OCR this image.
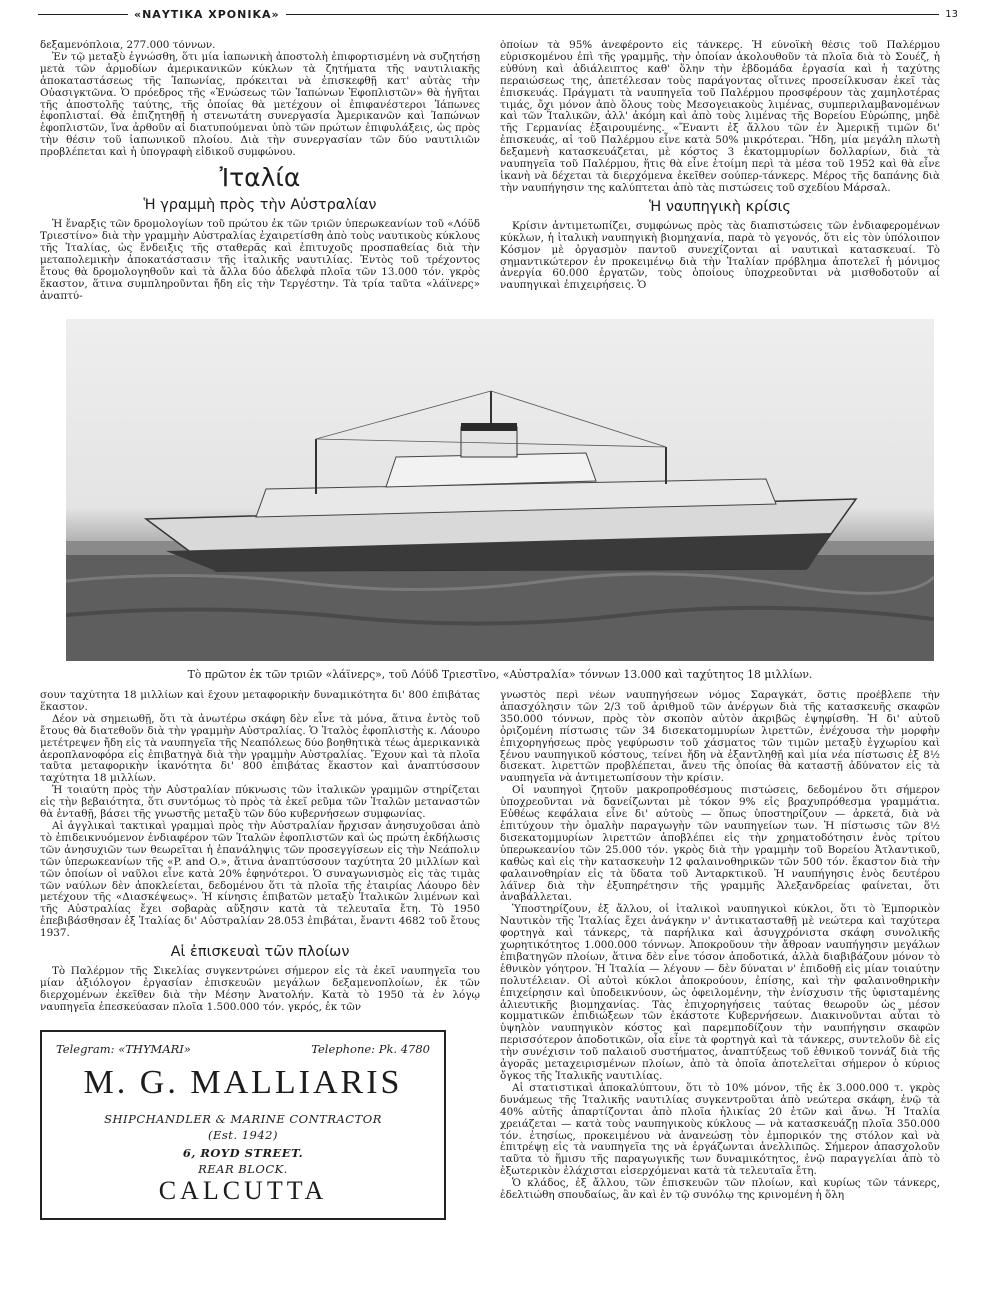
«ΝΑΥΤΙΚΑ ΧΡΟΝΙΚΑ»	13

δεξαμενόπλοια, 277.000 τόννων.

Ἐν τῷ μεταξὺ ἐγνώσθη, ὅτι μία ἰαπωνικὴ ἀποστολὴ ἐπιφορτισμένη νὰ συζητήσῃ μετὰ τῶν ἁρμοδίων ἀμερικανικῶν κύκλων τὰ ζητήματα τῆς ναυτιλιακῆς ἀποκαταστάσεως τῆς Ἰαπωνίας, πρόκειται νὰ ἐπισκεφθῇ κατ' αὐτὰς τὴν Οὐασιγκτῶνα. Ὁ πρόεδρος τῆς «Ἑνώσεως τῶν Ἰαπώνων Ἐφοπλιστῶν» θὰ ἡγῆται τῆς ἀποστολῆς ταύτης, τῆς ὁποίας θὰ μετέχουν οἱ ἐπιφανέστεροι Ἰάπωνες ἐφοπλισταί. Θὰ ἐπιζητηθῇ ἡ στενωτάτη συνεργασία Ἀμερικανῶν καὶ Ἰαπώνων ἐφοπλιστῶν, ἵνα ἀρθοῦν αἱ διατυπούμεναι ὑπὸ τῶν πρώτων ἐπιφυλάξεις, ὡς πρὸς τὴν θέσιν τοῦ ἰαπωνικοῦ πλοίου. Διὰ τὴν συνεργασίαν τῶν δύο ναυτιλιῶν προβλέπεται καὶ ἡ ὑπογραφὴ εἰδικοῦ συμφώνου.

Ἰταλία
Ἡ γραμμὴ πρὸς τὴν Αὐστραλίαν

Ἡ ἔναρξις τῶν δρομολογίων τοῦ πρώτου ἐκ τῶν τριῶν ὑπερωκεανίων τοῦ «Λόϋδ Τριεστίνο» διὰ τὴν γραμμὴν Αὐστραλίας ἐχαιρετίσθη ἀπὸ τοὺς ναυτικοὺς κύκλους τῆς Ἰταλίας, ὡς ἔνδειξις τῆς σταθερᾶς καὶ ἐπιτυχοῦς προσπαθείας διὰ τὴν μεταπολεμικὴν ἀποκατάστασιν τῆς ἰταλικῆς ναυτιλίας. Ἐντὸς τοῦ τρέχοντος ἔτους θὰ δρομολογηθοῦν καὶ τὰ ἄλλα δύο ἀδελφὰ πλοῖα τῶν 13.000 τόν. γκρὸς ἕκαστον, ἅτινα συμπληροῦνται ἤδη εἰς τὴν Τεργέστην. Τὰ τρία ταῦτα «λάϊνερς» ἀναπτύ-

ὁποίων τὰ 95% ἀνεφέροντο εἰς τάνκερς. Ἡ εὐνοϊκὴ θέσις τοῦ Παλέρμου εὑρισκομένου ἐπὶ τῆς γραμμῆς, τὴν ὁποίαν ἀκολουθοῦν τὰ πλοῖα διὰ τὸ Σουέζ, ἡ εὐθύνη καὶ ἀδιάλειπτος καθ' ὅλην τὴν ἑβδομάδα ἐργασία καὶ ἡ ταχύτης περαιώσεως της, ἀπετέλεσαν τοὺς παράγοντας οἵτινες προσείλκυσαν ἐκεῖ τὰς ἐπισκευάς. Πράγματι τὰ ναυπηγεῖα τοῦ Παλέρμου προσφέρουν τὰς χαμηλοτέρας τιμάς, ὄχι μόνον ἀπὸ ὅλους τοὺς Μεσογειακοὺς λιμένας, συμπεριλαμβανομένων καὶ τῶν Ἰταλικῶν, ἀλλ' ἀκόμη καὶ ἀπὸ τοὺς λιμένας τῆς Βορείου Εὐρώπης, μηδὲ τῆς Γερμανίας ἐξαιρουμένης. «Ἔναντι ἐξ ἄλλου τῶν ἐν Ἀμερικῇ τιμῶν δι' ἐπισκευάς, αἱ τοῦ Παλέρμου εἶνε κατὰ 50% μικρότεραι. Ἤδη, μία μεγάλη πλωτὴ δεξαμενὴ κατασκευάζεται, μὲ κόστος 3 ἑκατομμυρίων δολλαρίων, διὰ τὰ ναυπηγεῖα τοῦ Παλέρμου, ἥτις θὰ εἶνε ἑτοίμη περὶ τὰ μέσα τοῦ 1952 καὶ θὰ εἶνε ἱκανὴ νὰ δέχεται τὰ διερχόμενα ἐκεῖθεν σούπερ-τάνκερς. Μέρος τῆς δαπάνης διὰ τὴν ναυπήγησιν της καλύπτεται ἀπὸ τὰς πιστώσεις τοῦ σχεδίου Μάρσαλ.

Ἡ ναυπηγικὴ κρίσις

Κρίσιν ἀντιμετωπίζει, συμφώνως πρὸς τὰς διαπιστώσεις τῶν ἐνδιαφερομένων κύκλων, ἡ ἰταλικὴ ναυπηγικὴ βιομηχανία, παρὰ τὸ γεγονός, ὅτι εἰς τὸν ὑπόλοιπον Κόσμον μὲ ὀργασμὸν παντοῦ συνεχίζονται αἱ ναυτικαὶ κατασκευαί. Τὸ σημαντικώτερον ἐν προκειμένῳ διὰ τὴν Ἰταλίαν πρόβλημα ἀποτελεῖ ἡ μόνιμος ἀνεργία 60.000 ἐργατῶν, τοὺς ὁποίους ὑποχρεοῦνται νὰ μισθοδοτοῦν αἱ ναυπηγικαὶ ἐπιχειρήσεις. Ὁ

Τὸ πρῶτον ἐκ τῶν τριῶν «λάϊνερς», τοῦ Λόϋδ Τριεστῖνο, «Αὐστραλία» τόννων 13.000 καὶ ταχύτητος 18 μιλλίων.

σουν ταχύτητα 18 μιλλίων καὶ ἔχουν μεταφορικὴν δυναμικότητα δι' 800 ἐπιβάτας ἕκαστον.

Δέον νὰ σημειωθῇ, ὅτι τὰ ἀνωτέρω σκάφη δὲν εἶνε τὰ μόνα, ἅτινα ἐντὸς τοῦ ἔτους θὰ διατεθοῦν διὰ τὴν γραμμὴν Αὐστραλίας. Ὁ Ἰταλὸς ἐφοπλιστὴς κ. Λάουρο μετέτρεψεν ἤδη εἰς τὰ ναυπηγεῖα τῆς Νεαπόλεως δύο βοηθητικὰ τέως ἀμερικανικὰ ἀεροπλανοφόρα εἰς ἐπιβατηγὰ διὰ τὴν γραμμὴν Αὐστραλίας. Ἔχουν καὶ τὰ πλοῖα ταῦτα μεταφορικὴν ἱκανότητα δι' 800 ἐπιβάτας ἕκαστον καὶ ἀναπτύσσουν ταχύτητα 18 μιλλίων.

Ἡ τοιαύτη πρὸς τὴν Αὐστραλίαν πύκνωσις τῶν ἰταλικῶν γραμμῶν στηρίζεται εἰς τὴν βεβαιότητα, ὅτι συντόμως τὸ πρὸς τὰ ἐκεῖ ρεῦμα τῶν Ἰταλῶν μεταναστῶν θὰ ἐνταθῇ, βάσει τῆς γνωστῆς μεταξὺ τῶν δύο κυβερνήσεων συμφωνίας.

Αἱ ἀγγλικαὶ τακτικαὶ γραμμαὶ πρὸς τὴν Αὐστραλίαν ἤρχισαν ἀνησυχοῦσαι ἀπὸ τὸ ἐπιδεικνυόμενον ἐνδιαφέρον τῶν Ἰταλῶν ἐφοπλιστῶν καὶ ὡς πρώτη ἐκδήλωσις τῶν ἀνησυχιῶν των θεωρεῖται ἡ ἐπανάληψις τῶν προσεγγίσεων εἰς τὴν Νεάπολιν τῶν ὑπερωκεανίων τῆς «P. and O.», ἅτινα ἀναπτύσσουν ταχύτητα 20 μιλλίων καὶ τῶν ὁποίων οἱ ναῦλοι εἶνε κατὰ 20% ἐφηνότεροι. Ὁ συναγωνισμὸς εἰς τὰς τιμὰς τῶν ναύλων δὲν ἀποκλείεται, δεδομένου ὅτι τὰ πλοῖα τῆς ἑταιρίας Λάουρο δὲν μετέχουν τῆς «Διασκέψεως». Ἡ κίνησις ἐπιβατῶν μεταξὺ Ἰταλικῶν λιμένων καὶ τῆς Αὐστραλίας ἔχει σοβαρὰς αὔξησιν κατὰ τὰ τελευταῖα ἔτη. Τὸ 1950 ἐπεβιβάσθησαν ἐξ Ἰταλίας δι' Αὐστραλίαν 28.053 ἐπιβάται, ἔναντι 4682 τοῦ ἔτους 1937.

Αἱ ἐπισκευαὶ τῶν πλοίων

Τὸ Παλέρμον τῆς Σικελίας συγκεντρώνει σήμερον εἰς τὰ ἐκεῖ ναυπηγεῖα του μίαν ἀξιόλογον ἐργασίαν ἐπισκευῶν μεγάλων δεξαμενοπλοίων, ἐκ τῶν διερχομένων ἐκεῖθεν διὰ τὴν Μέσην Ἀνατολήν. Κατὰ τὸ 1950 τὰ ἐν λόγῳ ναυπηγεῖα ἐπεσκεύασαν πλοῖα 1.500.000 τόν. γκρός, ἐκ τῶν

Telegram: «THYMARI»	Telephone: Pk. 4780
M. G. MALLIARIS
SHIPCHANDLER & MARINE CONTRACTOR
(Est. 1942)
6, ROYD STREET.
REAR BLOCK.
CALCUTTA

γνωστὸς περὶ νέων ναυπηγήσεων νόμος Σαραγκάτ, ὅστις προέβλεπε τὴν ἀπασχόλησιν τῶν 2/3 τοῦ ἀριθμοῦ τῶν ἀνέργων διὰ τῆς κατασκευῆς σκαφῶν 350.000 τόννων, πρὸς τὸν σκοπὸν αὐτὸν ἀκριβῶς ἐψηφίσθη. Ἡ δι' αὐτοῦ ὁριζομένη πίστωσις τῶν 34 δισεκατομμυρίων λιρεττῶν, ἐνέχουσα τὴν μορφὴν ἐπιχορηγήσεως πρὸς γεφύρωσιν τοῦ χάσματος τῶν τιμῶν μεταξὺ ἐγχωρίου καὶ ξένου ναυπηγικοῦ κόστους, τείνει ἤδη νὰ ἐξαντληθῇ καὶ μία νέα πίστωσις ἐξ 8½ δισεκατ. λιρεττῶν προβλέπεται, ἄνευ τῆς ὁποίας θὰ καταστῇ ἀδύνατον εἰς τὰ ναυπηγεῖα νὰ ἀντιμετωπίσουν τὴν κρίσιν.

Οἱ ναυπηγοὶ ζητοῦν μακροπροθέσμους πιστώσεις, δεδομένου ὅτι σήμερον ὑποχρεοῦνται νὰ δανείζωνται μὲ τόκον 9% εἰς βραχυπρόθεσμα γραμμάτια. Εὐθέως κεφάλαια εἶνε δι' αὐτοὺς — ὅπως ὑποστηρίζουν — ἀρκετά, διὰ νὰ ἐπιτύχουν τὴν ὁμαλὴν παραγωγὴν τῶν ναυπηγείων των. Ἡ πίστωσις τῶν 8½ δισεκατομμυρίων λιρεττῶν ἀποβλέπει εἰς τὴν χρηματοδότησιν ἑνὸς τρίτου ὑπερωκεανίου τῶν 25.000 τόν. γκρὸς διὰ τὴν γραμμὴν τοῦ Βορείου Ἀτλαντικοῦ, καθὼς καὶ εἰς τὴν κατασκευὴν 12 φαλαινοθηρικῶν τῶν 500 τόν. ἕκαστον διὰ τὴν φαλαινοθηρίαν εἰς τὰ ὕδατα τοῦ Ἀνταρκτικοῦ. Ἡ ναυπήγησις ἑνὸς δευτέρου λάϊνερ διὰ τὴν ἐξυπηρέτησιν τῆς γραμμῆς Ἀλεξανδρείας φαίνεται, ὅτι ἀναβάλλεται.

Ὑποστηρίζουν, ἐξ ἄλλου, οἱ ἰταλικοὶ ναυπηγικοὶ κύκλοι, ὅτι τὸ Ἐμπορικὸν Ναυτικὸν τῆς Ἰταλίας ἔχει ἀνάγκην ν' ἀντικατασταθῇ μὲ νεώτερα καὶ ταχύτερα φορτηγὰ καὶ τάνκερς, τὰ παρήλικα καὶ ἀσυγχρόνιστα σκάφη συνολικῆς χωρητικότητος 1.000.000 τόννων. Ἀποκροῦουν τὴν ἄθροαν ναυπήγησιν μεγάλων ἐπιβατηγῶν πλοίων, ἅτινα δὲν εἶνε τόσον ἀποδοτικά, ἀλλὰ διαβιβάζουν μόνον τὸ ἐθνικὸν γόητρον. Ἡ Ἰταλία — λέγουν — δὲν δύναται ν' ἐπιδοθῇ εἰς μίαν τοιαύτην πολυτέλειαν. Οἱ αὐτοὶ κύκλοι ἀποκρούουν, ἐπίσης, καὶ τὴν φαλαινοθηρικὴν ἐπιχείρησιν καὶ ὑποδεικνύουν, ὡς ὀφειλομένην, τὴν ἐνίσχυσιν τῆς ὑφισταμένης ἁλιευτικῆς βιομηχανίας. Τὰς ἐπιχορηγήσεις ταύτας θεωροῦν ὡς μέσον κομματικῶν ἐπιδιώξεων τῶν ἑκάστοτε Κυβερνήσεων. Διακινοῦνται αὗται τὸ ὑψηλὸν ναυπηγικὸν κόστος καὶ παρεμποδίζουν τὴν ναυπήγησιν σκαφῶν περισσότερον ἀποδοτικῶν, οἷα εἶνε τὰ φορτηγὰ καὶ τὰ τάνκερς, συντελοῦν δὲ εἰς τὴν συνέχισιν τοῦ παλαιοῦ συστήματος, ἀναπτύξεως τοῦ ἐθνικοῦ τοννάζ διὰ τῆς ἀγορᾶς μεταχειρισμένων πλοίων, ἀπὸ τὰ ὁποῖα ἀποτελεῖται σήμερον ὁ κύριος ὄγκος τῆς Ἰταλικῆς ναυτιλίας.

Αἱ στατιστικαὶ ἀποκαλύπτουν, ὅτι τὸ 10% μόνον, τῆς ἐκ 3.000.000 τ. γκρὸς δυνάμεως τῆς Ἰταλικῆς ναυτιλίας συγκεντροῦται ἀπὸ νεώτερα σκάφη, ἐνῷ τὰ 40% αὐτῆς ἀπαρτίζονται ἀπὸ πλοῖα ἡλικίας 20 ἐτῶν καὶ ἄνω. Ἡ Ἰταλία χρειάζεται — κατὰ τοὺς ναυπηγικοὺς κύκλους — νὰ κατασκευάζῃ πλοῖα 350.000 τόν. ἐτησίως, προκειμένου νὰ ἀνανεώσῃ τὸν ἐμπορικόν της στόλον καὶ νὰ ἐπιτρέψῃ εἰς τὰ ναυπηγεῖα της νὰ ἐργάζωνται ἀνελλιπῶς. Σήμερον ἀπασχολοῦν ταῦτα τὸ ἥμισυ τῆς παραγωγικῆς των δυναμικότητος, ἐνῷ παραγγελίαι ἀπὸ τὸ ἐξωτερικὸν ἐλάχισται εἰσερχόμεναι κατὰ τὰ τελευταῖα ἔτη.

Ὁ κλάδος, ἐξ ἄλλου, τῶν ἐπισκευῶν τῶν πλοίων, καὶ κυρίως τῶν τάνκερς, ἐδελτιώθη σπουδαίως, ἂν καὶ ἐν τῷ συνόλῳ της κρινομένη ἡ ὅλη
